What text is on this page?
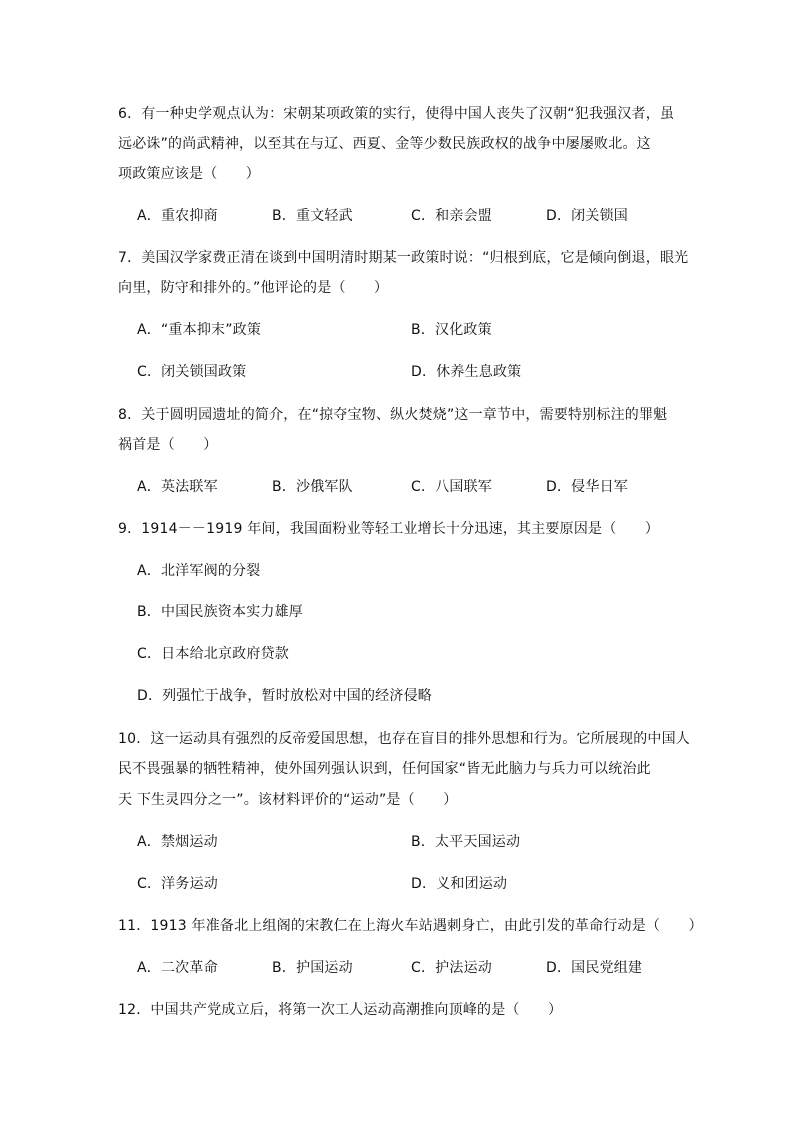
6．有一种史学观点认为：宋朝某项政策的实行，使得中国人丧失了汉朝“犯我强汉者，虽
远必诛”的尚武精神，以至其在与辽、西夏、金等少数民族政权的战争中屡屡败北。这
项政策应该是（　　）
A．重农抑商	B．重文轻武	C．和亲会盟	D．闭关锁国
7．美国汉学家费正清在谈到中国明清时期某一政策时说：“归根到底，它是倾向倒退，眼光
向里，防守和排外的。”他评论的是（　　）
A．“重本抑末”政策	B．汉化政策
C．闭关锁国政策	D．休养生息政策
8．关于圆明园遗址的简介，在“掠夺宝物、纵火焚烧”这一章节中，需要特别标注的罪魁
祸首是（　　）
A．英法联军	B．沙俄军队	C．八国联军	D．侵华日军
9．1914－－1919 年间，我国面粉业等轻工业增长十分迅速，其主要原因是（　　）
A．北洋军阀的分裂
B．中国民族资本实力雄厚
C．日本给北京政府贷款
D．列强忙于战争，暂时放松对中国的经济侵略
10．这一运动具有强烈的反帝爱国思想，也存在盲目的排外思想和行为。它所展现的中国人
民不畏强暴的牺牲精神，使外国列强认识到，任何国家“皆无此脑力与兵力可以统治此
天 下生灵四分之一”。该材料评价的“运动”是（　　）
A．禁烟运动	B．太平天国运动
C．洋务运动	D．义和团运动
11．1913 年准备北上组阁的宋教仁在上海火车站遇刺身亡，由此引发的革命行动是（　　）
A．二次革命	B．护国运动	C．护法运动	D．国民党组建
12．中国共产党成立后，将第一次工人运动高潮推向顶峰的是（　　）
